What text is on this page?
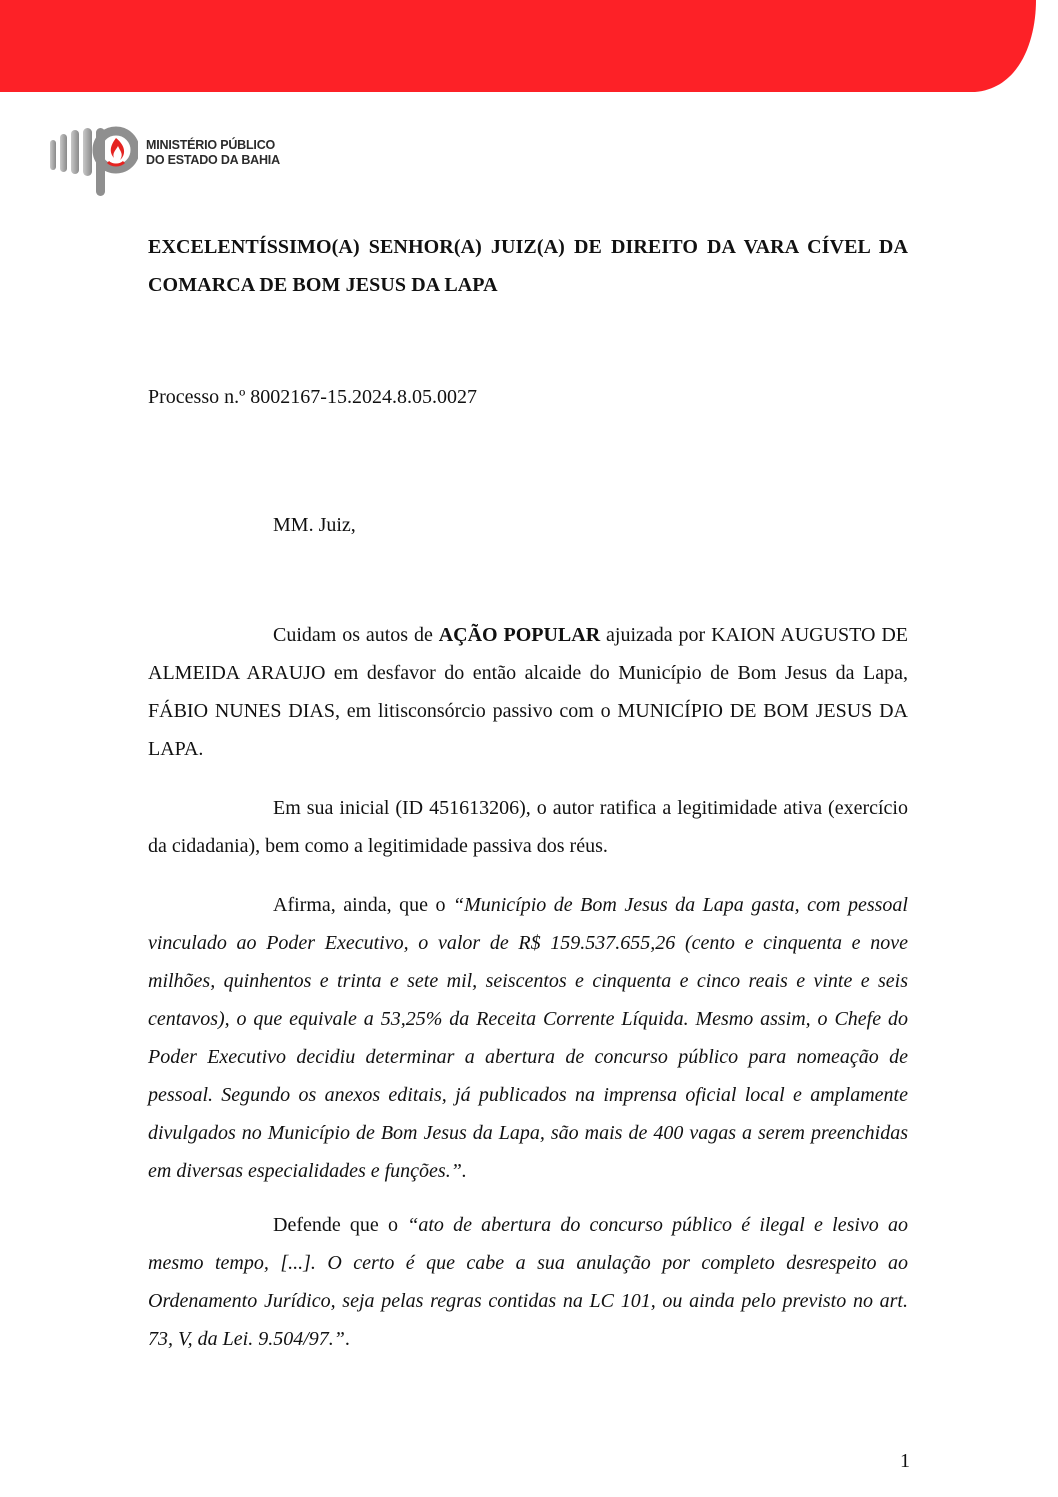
MINISTÉRIO PÚBLICO
DO ESTADO DA BAHIA

EXCELENTÍSSIMO(A) SENHOR(A) JUIZ(A) DE DIREITO DA VARA CÍVEL DA COMARCA DE BOM JESUS DA LAPA

Processo n.º 8002167-15.2024.8.05.0027

MM. Juiz,

Cuidam os autos de AÇÃO POPULAR ajuizada por KAION AUGUSTO DE ALMEIDA ARAUJO em desfavor do então alcaide do Município de Bom Jesus da Lapa, FÁBIO NUNES DIAS, em litisconsórcio passivo com o MUNICÍPIO DE BOM JESUS DA LAPA.

Em sua inicial (ID 451613206), o autor ratifica a legitimidade ativa (exercício da cidadania), bem como a legitimidade passiva dos réus.

Afirma, ainda, que o “Município de Bom Jesus da Lapa gasta, com pessoal vinculado ao Poder Executivo, o valor de R$ 159.537.655,26 (cento e cinquenta e nove milhões, quinhentos e trinta e sete mil, seiscentos e cinquenta e cinco reais e vinte e seis centavos), o que equivale a 53,25% da Receita Corrente Líquida. Mesmo assim, o Chefe do Poder Executivo decidiu determinar a abertura de concurso público para nomeação de pessoal. Segundo os anexos editais, já publicados na imprensa oficial local e amplamente divulgados no Município de Bom Jesus da Lapa, são mais de 400 vagas a serem preenchidas em diversas especialidades e funções.”.

Defende que o “ato de abertura do concurso público é ilegal e lesivo ao mesmo tempo, [...]. O certo é que cabe a sua anulação por completo desrespeito ao Ordenamento Jurídico, seja pelas regras contidas na LC 101, ou ainda pelo previsto no art. 73, V, da Lei. 9.504/97.”.

1
